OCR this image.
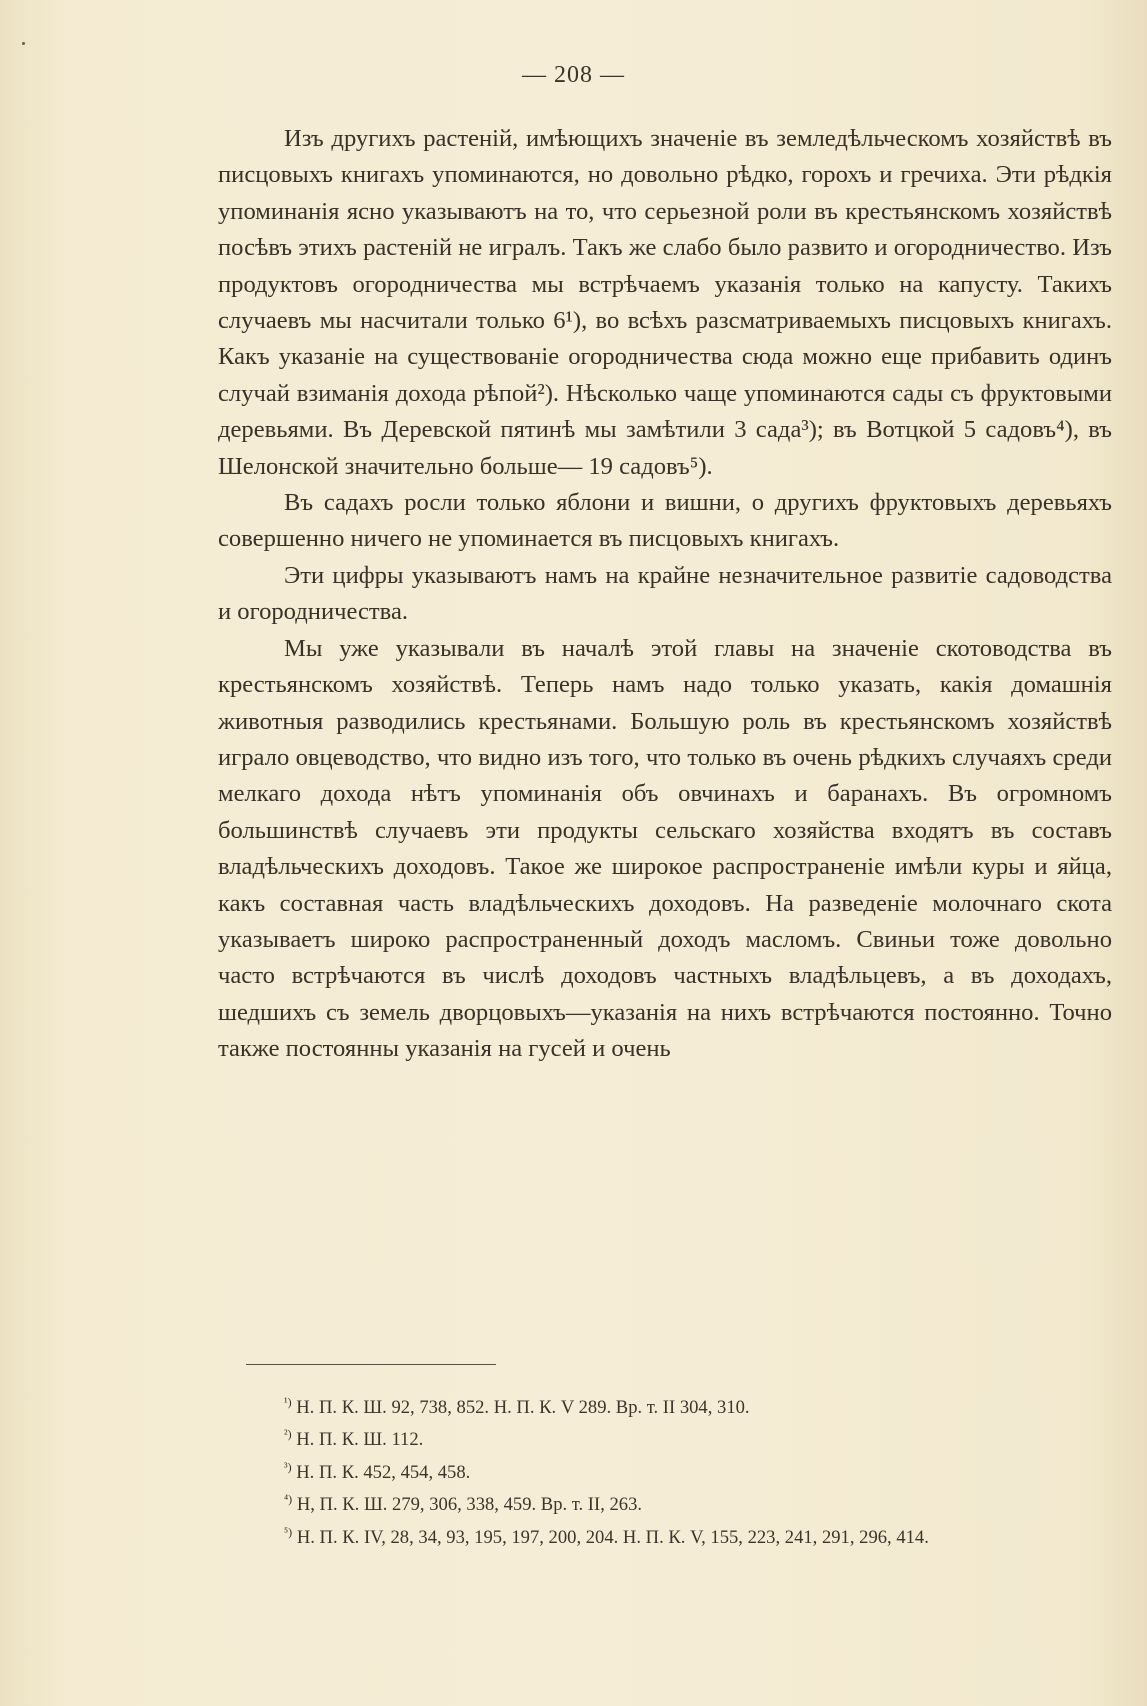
— 208 —

Изъ другихъ растеній, имѣющихъ значеніе въ земледѣльческомъ хозяйствѣ въ писцовыхъ книгахъ упоминаются, но довольно рѣдко, горохъ и гречиха. Эти рѣдкія упоминанія ясно указываютъ на то, что серьезной роли въ крестьянскомъ хозяйствѣ посѣвъ этихъ растеній не игралъ. Такъ же слабо было развито и огородничество. Изъ продуктовъ огородничества мы встрѣчаемъ указанія только на капусту. Такихъ случаевъ мы насчитали только 6¹), во всѣхъ разсматриваемыхъ писцовыхъ книгахъ. Какъ указаніе на существованіе огородничества сюда можно еще прибавить одинъ случай взиманія дохода рѣпой²). Нѣсколько чаще упоминаются сады съ фруктовыми деревьями. Въ Деревской пятинѣ мы замѣтили 3 сада³); въ Вотцкой 5 садовъ⁴), въ Шелонской значительно больше— 19 садовъ⁵).

Въ садахъ росли только яблони и вишни, о другихъ фруктовыхъ деревьяхъ совершенно ничего не упоминается въ писцовыхъ книгахъ.

Эти цифры указываютъ намъ на крайне незначительное развитіе садоводства и огородничества.

Мы уже указывали въ началѣ этой главы на значеніе скотоводства въ крестьянскомъ хозяйствѣ. Теперь намъ надо только указать, какія домашнія животныя разводились крестьянами. Большую роль въ крестьянскомъ хозяйствѣ играло овцеводство, что видно изъ того, что только въ очень рѣдкихъ случаяхъ среди мелкаго дохода нѣтъ упоминанія объ овчинахъ и баранахъ. Въ огромномъ большинствѣ случаевъ эти продукты сельскаго хозяйства входятъ въ составъ владѣльческихъ доходовъ. Такое же широкое распространеніе имѣли куры и яйца, какъ составная часть владѣльческихъ доходовъ. На разведеніе молочнаго скота указываетъ широко распространенный доходъ масломъ. Свиньи тоже довольно часто встрѣчаются въ числѣ доходовъ частныхъ владѣльцевъ, а въ доходахъ, шедшихъ съ земель дворцовыхъ—указанія на нихъ встрѣчаются постоянно. Точно также постоянны указанія на гусей и очень

$^{^1)}$ Н. П. К. Ш. 92, 738, 852. Н. П. К. V 289. Вр. т. II 304, 310.

$^{^2)}$ Н. П. К. Ш. 112.

$^{^3)}$ Н. П. К. 452, 454, 458.

$^{^4)}$ Н, П. К. Ш. 279, 306, 338, 459. Вр. т. II, 263.

$^{^5)}$ Н. П. К. IV, 28, 34, 93, 195, 197, 200, 204. Н. П. К. V, 155, 223, 241, 291, 296, 414.
